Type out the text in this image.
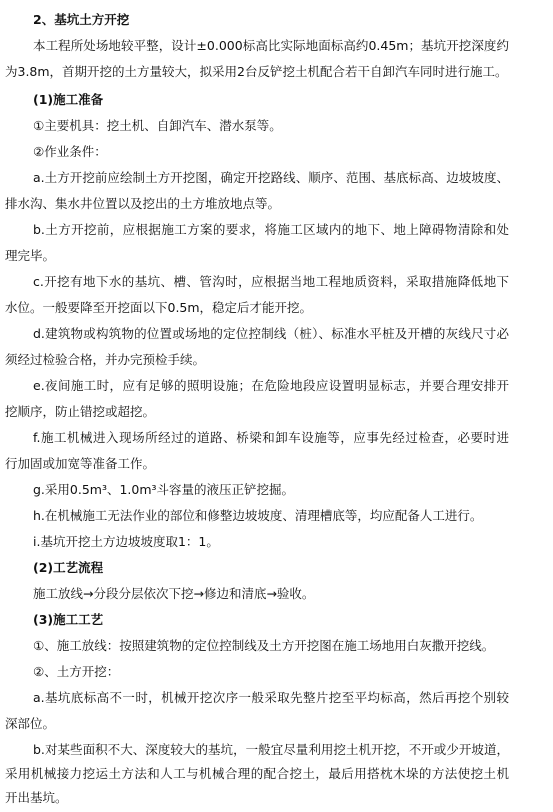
2、基坑土方开挖
本工程所处场地较平整，设计±0.000标高比实际地面标高约0.45m；基坑开挖深度约
为3.8m，首期开挖的土方量较大，拟采用2台反铲挖土机配合若干自卸汽车同时进行施工。
(1)施工准备
①主要机具：挖土机、自卸汽车、潜水泵等。
②作业条件：
a.土方开挖前应绘制土方开挖图，确定开挖路线、顺序、范围、基底标高、边坡坡度、
排水沟、集水井位置以及挖出的土方堆放地点等。
b.土方开挖前，应根据施工方案的要求，将施工区域内的地下、地上障碍物清除和处
理完毕。
c.开挖有地下水的基坑、槽、管沟时，应根据当地工程地质资料，采取措施降低地下
水位。一般要降至开挖面以下0.5m，稳定后才能开挖。
d.建筑物或构筑物的位置或场地的定位控制线（桩）、标准水平桩及开槽的灰线尺寸必
须经过检验合格，并办完预检手续。
e.夜间施工时，应有足够的照明设施；在危险地段应设置明显标志，并要合理安排开
挖顺序，防止错挖或超挖。
f.施工机械进入现场所经过的道路、桥梁和卸车设施等，应事先经过检查，必要时进
行加固或加宽等准备工作。
g.采用0.5m³、1.0m³斗容量的液压正铲挖掘。
h.在机械施工无法作业的部位和修整边坡坡度、清理槽底等，均应配备人工进行。
i.基坑开挖土方边坡坡度取1：1。
(2)工艺流程
施工放线→分段分层依次下挖→修边和清底→验收。
(3)施工工艺
①、施工放线：按照建筑物的定位控制线及土方开挖图在施工场地用白灰撒开挖线。
②、土方开挖：
a.基坑底标高不一时，机械开挖次序一般采取先整片挖至平均标高，然后再挖个别较
深部位。
b.对某些面积不大、深度较大的基坑，一般宜尽量利用挖土机开挖，不开或少开坡道，
采用机械接力挖运土方法和人工与机械合理的配合挖土，最后用搭枕木垛的方法使挖土机
开出基坑。
